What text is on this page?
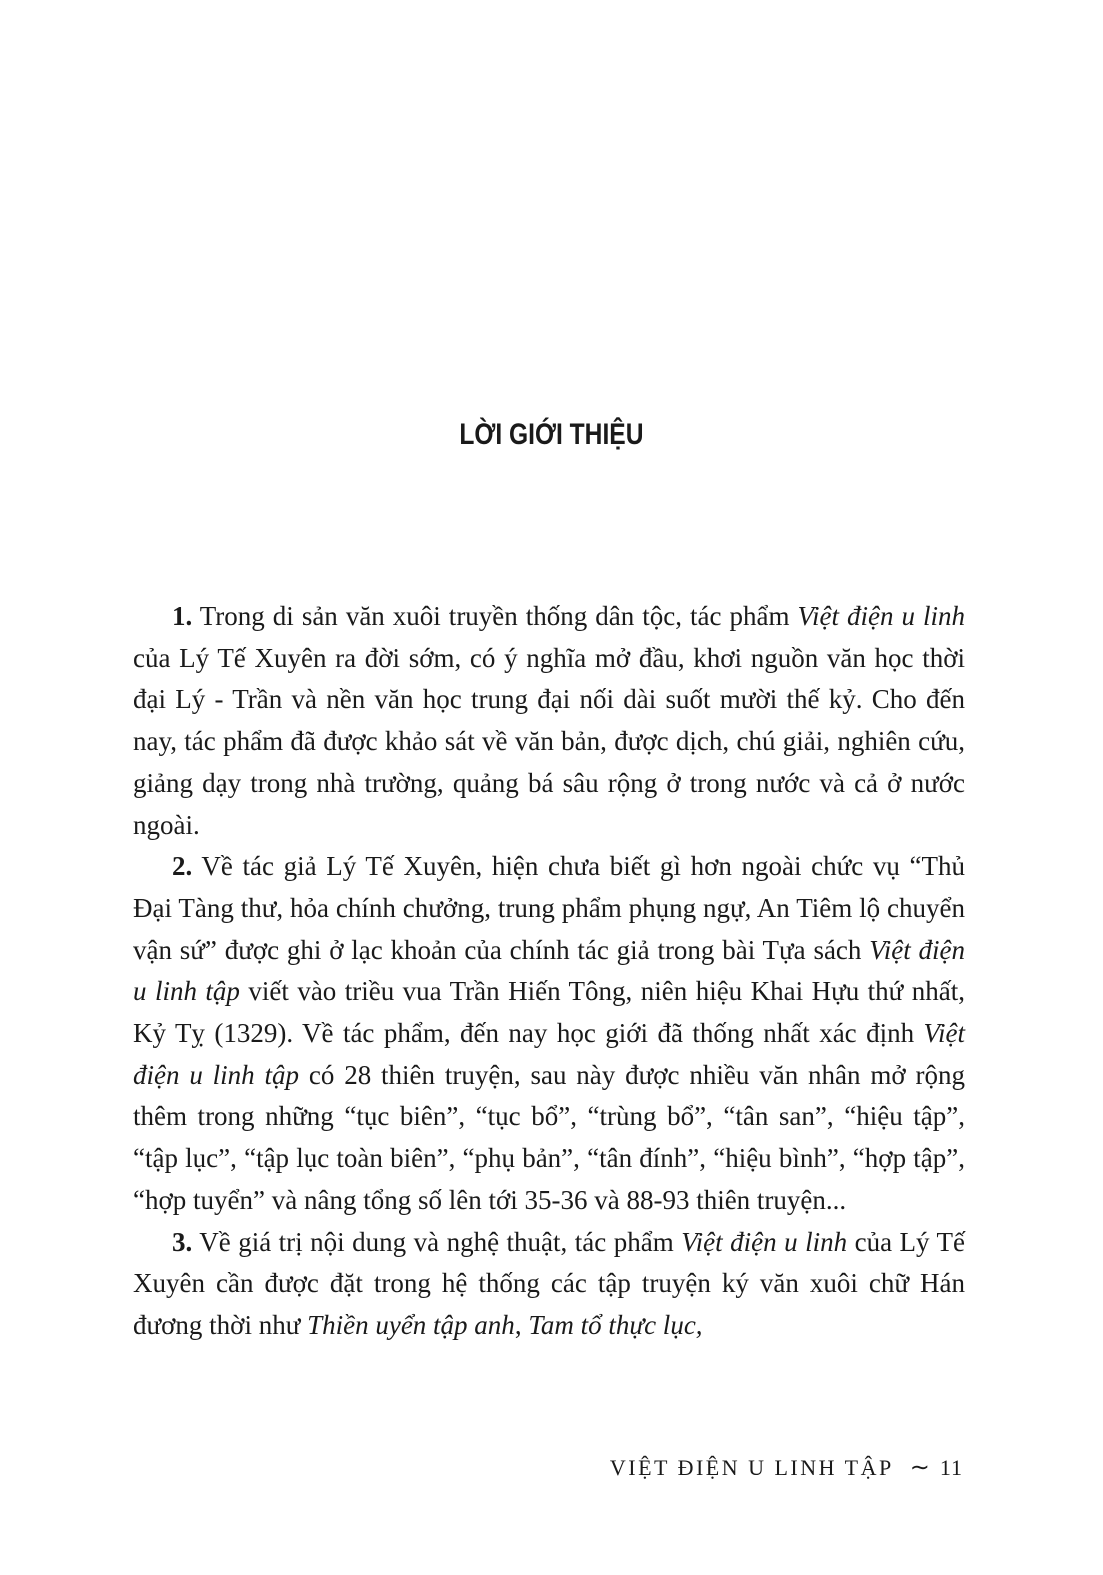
LỜI GIỚI THIỆU

1. Trong di sản văn xuôi truyền thống dân tộc, tác phẩm Việt điện u linh của Lý Tế Xuyên ra đời sớm, có ý nghĩa mở đầu, khơi nguồn văn học thời đại Lý - Trần và nền văn học trung đại nối dài suốt mười thế kỷ. Cho đến nay, tác phẩm đã được khảo sát về văn bản, được dịch, chú giải, nghiên cứu, giảng dạy trong nhà trường, quảng bá sâu rộng ở trong nước và cả ở nước ngoài.

2. Về tác giả Lý Tế Xuyên, hiện chưa biết gì hơn ngoài chức vụ “Thủ Đại Tàng thư, hỏa chính chưởng, trung phẩm phụng ngự, An Tiêm lộ chuyển vận sứ” được ghi ở lạc khoản của chính tác giả trong bài Tựa sách Việt điện u linh tập viết vào triều vua Trần Hiến Tông, niên hiệu Khai Hựu thứ nhất, Kỷ Tỵ (1329). Về tác phẩm, đến nay học giới đã thống nhất xác định Việt điện u linh tập có 28 thiên truyện, sau này được nhiều văn nhân mở rộng thêm trong những “tục biên”, “tục bổ”, “trùng bổ”, “tân san”, “hiệu tập”, “tập lục”, “tập lục toàn biên”, “phụ bản”, “tân đính”, “hiệu bình”, “hợp tập”, “hợp tuyển” và nâng tổng số lên tới 35-36 và 88-93 thiên truyện...

3. Về giá trị nội dung và nghệ thuật, tác phẩm Việt điện u linh của Lý Tế Xuyên cần được đặt trong hệ thống các tập truyện ký văn xuôi chữ Hán đương thời như Thiền uyển tập anh, Tam tổ thực lục,

VIỆT ĐIỆN U LINH TẬP ∼ 11
